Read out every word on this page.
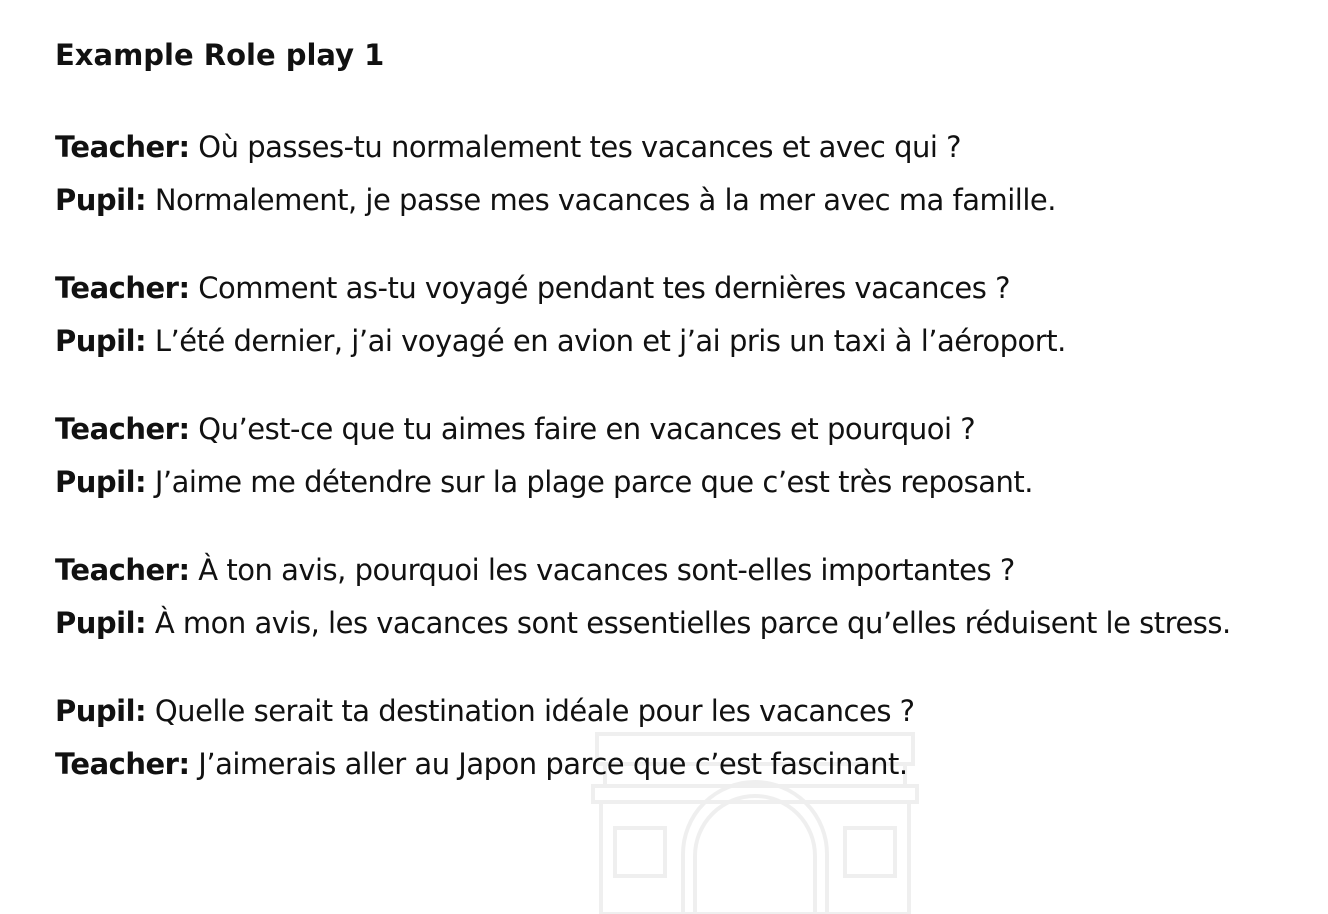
Example Role play 1
Teacher: Où passes-tu normalement tes vacances et avec qui ?
Pupil: Normalement, je passe mes vacances à la mer avec ma famille.
Teacher: Comment as-tu voyagé pendant tes dernières vacances ?
Pupil: L’été dernier, j’ai voyagé en avion et j’ai pris un taxi à l’aéroport.
Teacher: Qu’est-ce que tu aimes faire en vacances et pourquoi ?
Pupil: J’aime me détendre sur la plage parce que c’est très reposant.
Teacher: À ton avis, pourquoi les vacances sont-elles importantes ?
Pupil: À mon avis, les vacances sont essentielles parce qu’elles réduisent le stress.
Pupil: Quelle serait ta destination idéale pour les vacances ?
Teacher: J’aimerais aller au Japon parce que c’est fascinant.
